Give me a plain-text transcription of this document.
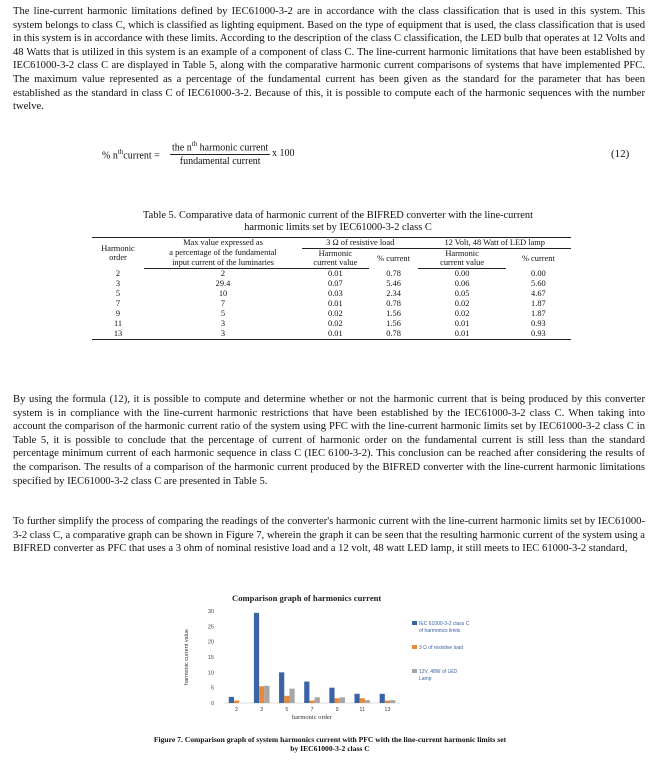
The line-current harmonic limitations defined by IEC61000-3-2 are in accordance with the class classification that is used in this system. This system belongs to class C, which is classified as lighting equipment. Based on the type of equipment that is used, the class classification that is used in this system is in accordance with these limits. According to the description of the class C classification, the LED bulb that operates at 12 Volts and 48 Watts that is utilized in this system is an example of a component of class C. The line-current harmonic limitations that have been established by IEC61000-3-2 class C are displayed in Table 5, along with the comparative harmonic current comparisons of systems that have implemented PFC. The maximum value represented as a percentage of the fundamental current has been given as the standard for the parameter that has been established as the standard in class C of IEC61000-3-2. Because of this, it is possible to compute each of the harmonic sequences with the number twelve.
% $n^{th}current$ =
the $n^{th}$ harmonic current
fundamental current
x 100	(12)
Table 5. Comparative data of harmonic current of the BIFRED converter with the line-current
harmonic limits set by IEC61000-3-2 class C
Harmonic
order	Max value expressed as	3 Ω of resistive load		12 Volt, 48 Watt of LED lamp	
	a percentage of the fundamental	Harmonic	% current	Harmonic	% current
	input current of the luminaries	current value		current value	
2	2	0.01	0.78	0.00	0.00
3	29.4	0.07	5.46	0.06	5.60
5	10	0.03	2.34	0.05	4.67
7	7	0.01	0.78	0.02	1.87
9	5	0.02	1.56	0.02	1.87
11	3	0.02	1.56	0.01	0.93
13	3	0.01	0.78	0.01	0.93
By using the formula (12), it is possible to compute and determine whether or not the harmonic current that is being produced by this converter system is in compliance with the line-current harmonic restrictions that have been established by the IEC61000-3-2 class C. When taking into account the comparison of the harmonic current ratio of the system using PFC with the line-current harmonic limits set by IEC61000-3-2 class C in Table 5, it is possible to conclude that the percentage of current of harmonic order on the fundamental current is still less than the standard percentage minimum current of each harmonic sequence in class C (IEC 6100-3-2). This conclusion can be reached after considering the results of the comparison. The results of a comparison of the harmonic current produced by the BIFRED converter with the line-current harmonic limitations specified by IEC61000-3-2 class C are presented in Table 5.
To further simplify the process of comparing the readings of the converter's harmonic current with the line-current harmonic limits set by IEC61000-3-2 class C, a comparative graph can be shown in Figure 7, wherein the graph it can be seen that the resulting harmonic current of the system using a BIFRED converter as PFC that uses a 3 ohm of nominal resistive load and a 12 volt, 48 watt LED lamp, it still meets to IEC 61000-3-2 standard,
Comparison graph of harmonics current
harmonic current value
0
5
10
15
20
25
30
2	3	5	7	9	11	13
harmonic order
IEC 61000-3-2 class C
of harmonics limits
3 Ω of resistive load
12V, 48W of LED
Lamp
Figure 7. Comparison graph of system harmonics current with PFC with the line-current harmonic limits set
by IEC61000-3-2 class C
